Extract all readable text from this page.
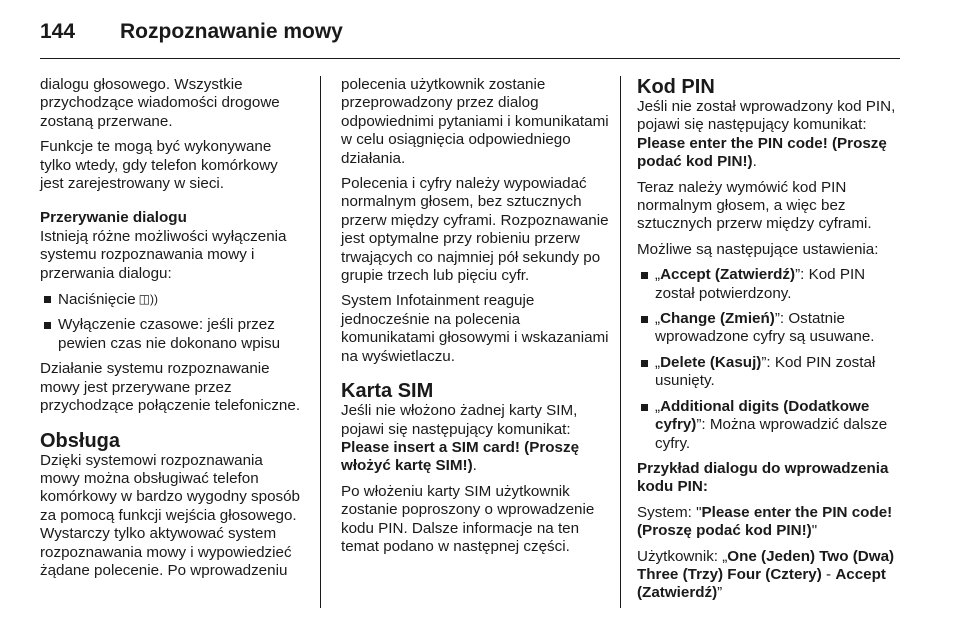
144 Rozpoznawanie mowy

dialogu głosowego. Wszystkie przychodzące wiadomości drogowe zostaną przerwane.

Funkcje te mogą być wykonywane tylko wtedy, gdy telefon komórkowy jest zarejestrowany w sieci.

Przerywanie dialogu

Istnieją różne możliwości wyłączenia systemu rozpoznawania mowy i przerwania dialogu:

Naciśnięcie ◫))
Wyłączenie czasowe: jeśli przez pewien czas nie dokonano wpisu

Działanie systemu rozpoznawanie mowy jest przerywane przez przychodzące połączenie telefoniczne.

Obsługa

Dzięki systemowi rozpoznawania mowy można obsługiwać telefon komórkowy w bardzo wygodny sposób za pomocą funkcji wejścia głosowego. Wystarczy tylko aktywować system rozpoznawania mowy i wypowiedzieć żądane polecenie. Po wprowadzeniu

polecenia użytkownik zostanie przeprowadzony przez dialog odpowiednimi pytaniami i komunikatami w celu osiągnięcia odpowiedniego działania.

Polecenia i cyfry należy wypowiadać normalnym głosem, bez sztucznych przerw między cyframi. Rozpoznawanie jest optymalne przy robieniu przerw trwających co najmniej pół sekundy po grupie trzech lub pięciu cyfr.

System Infotainment reaguje jednocześnie na polecenia komunikatami głosowymi i wskazaniami na wyświetlaczu.

Karta SIM

Jeśli nie włożono żadnej karty SIM, pojawi się następujący komunikat: Please insert a SIM card! (Proszę włożyć kartę SIM!).

Po włożeniu karty SIM użytkownik zostanie poproszony o wprowadzenie kodu PIN. Dalsze informacje na ten temat podano w następnej części.

Kod PIN

Jeśli nie został wprowadzony kod PIN, pojawi się następujący komunikat: Please enter the PIN code! (Proszę podać kod PIN!).

Teraz należy wymówić kod PIN normalnym głosem, a więc bez sztucznych przerw między cyframi.

Możliwe są następujące ustawienia:

„Accept (Zatwierdź)”: Kod PIN został potwierdzony.
„Change (Zmień)”: Ostatnie wprowadzone cyfry są usuwane.
„Delete (Kasuj)”: Kod PIN został usunięty.
„Additional digits (Dodatkowe cyfry)”: Można wprowadzić dalsze cyfry.

Przykład dialogu do wprowadzenia kodu PIN:

System: "Please enter the PIN code! (Proszę podać kod PIN!)"

Użytkownik: „One (Jeden) Two (Dwa) Three (Trzy) Four (Cztery) - Accept (Zatwierdź)”
